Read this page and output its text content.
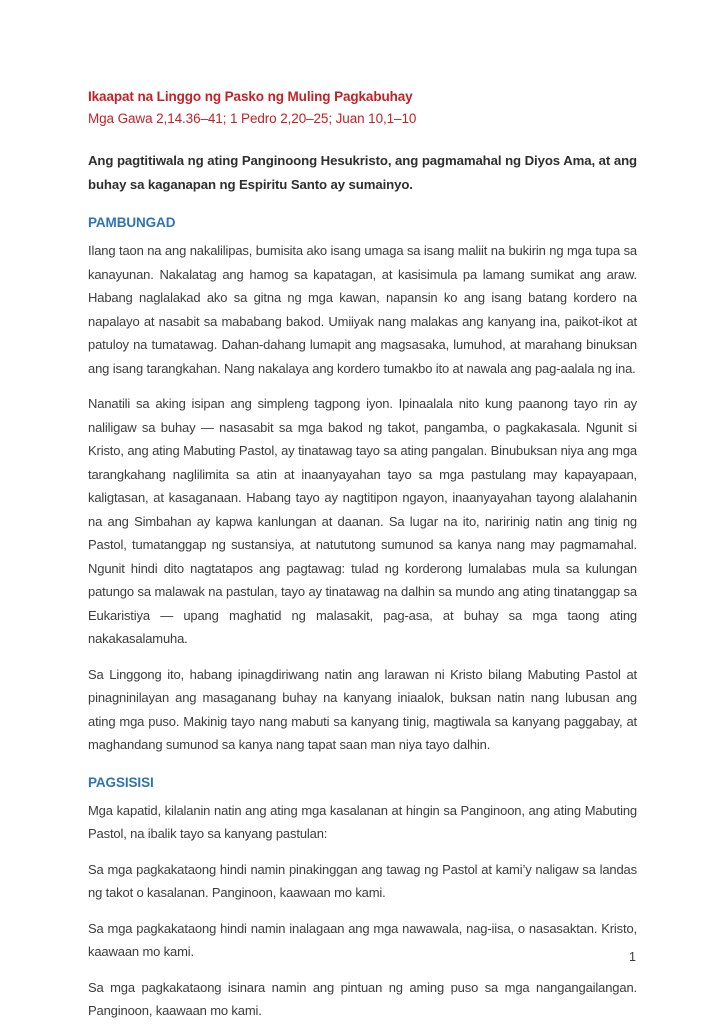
Ikaapat na Linggo ng Pasko ng Muling Pagkabuhay

Mga Gawa 2,14.36–41; 1 Pedro 2,20–25; Juan 10,1–10

Ang pagtitiwala ng ating Panginoong Hesukristo, ang pagmamahal ng Diyos Ama, at ang buhay sa kaganapan ng Espiritu Santo ay sumainyo.

PAMBUNGAD

Ilang taon na ang nakalilipas, bumisita ako isang umaga sa isang maliit na bukirin ng mga tupa sa kanayunan. Nakalatag ang hamog sa kapatagan, at kasisimula pa lamang sumikat ang araw. Habang naglalakad ako sa gitna ng mga kawan, napansin ko ang isang batang kordero na napalayo at nasabit sa mababang bakod. Umiiyak nang malakas ang kanyang ina, paikot-ikot at patuloy na tumatawag. Dahan-dahang lumapit ang magsasaka, lumuhod, at marahang binuksan ang isang tarangkahan. Nang nakalaya ang kordero tumakbo ito at nawala ang pag-aalala ng ina.

Nanatili sa aking isipan ang simpleng tagpong iyon. Ipinaalala nito kung paanong tayo rin ay naliligaw sa buhay — nasasabit sa mga bakod ng takot, pangamba, o pagkakasala. Ngunit si Kristo, ang ating Mabuting Pastol, ay tinatawag tayo sa ating pangalan. Binubuksan niya ang mga tarangkahang naglilimita sa atin at inaanyayahan tayo sa mga pastulang may kapayapaan, kaligtasan, at kasaganaan. Habang tayo ay nagtitipon ngayon, inaanyayahan tayong alalahanin na ang Simbahan ay kapwa kanlungan at daanan. Sa lugar na ito, naririnig natin ang tinig ng Pastol, tumatanggap ng sustansiya, at natututong sumunod sa kanya nang may pagmamahal. Ngunit hindi dito nagtatapos ang pagtawag: tulad ng korderong lumalabas mula sa kulungan patungo sa malawak na pastulan, tayo ay tinatawag na dalhin sa mundo ang ating tinatanggap sa Eukaristiya — upang maghatid ng malasakit, pag-asa, at buhay sa mga taong ating nakakasalamuha.

Sa Linggong ito, habang ipinagdiriwang natin ang larawan ni Kristo bilang Mabuting Pastol at pinagninilayan ang masaganang buhay na kanyang iniaalok, buksan natin nang lubusan ang ating mga puso. Makinig tayo nang mabuti sa kanyang tinig, magtiwala sa kanyang paggabay, at maghandang sumunod sa kanya nang tapat saan man niya tayo dalhin.

PAGSISISI

Mga kapatid, kilalanin natin ang ating mga kasalanan at hingin sa Panginoon, ang ating Mabuting Pastol, na ibalik tayo sa kanyang pastulan:

Sa mga pagkakataong hindi namin pinakinggan ang tawag ng Pastol at kami’y naligaw sa landas ng takot o kasalanan. Panginoon, kaawaan mo kami.

Sa mga pagkakataong hindi namin inalagaan ang mga nawawala, nag-iisa, o nasasaktan. Kristo, kaawaan mo kami.

Sa mga pagkakataong isinara namin ang pintuan ng aming puso sa mga nangangailangan. Panginoon, kaawaan mo kami.

1
